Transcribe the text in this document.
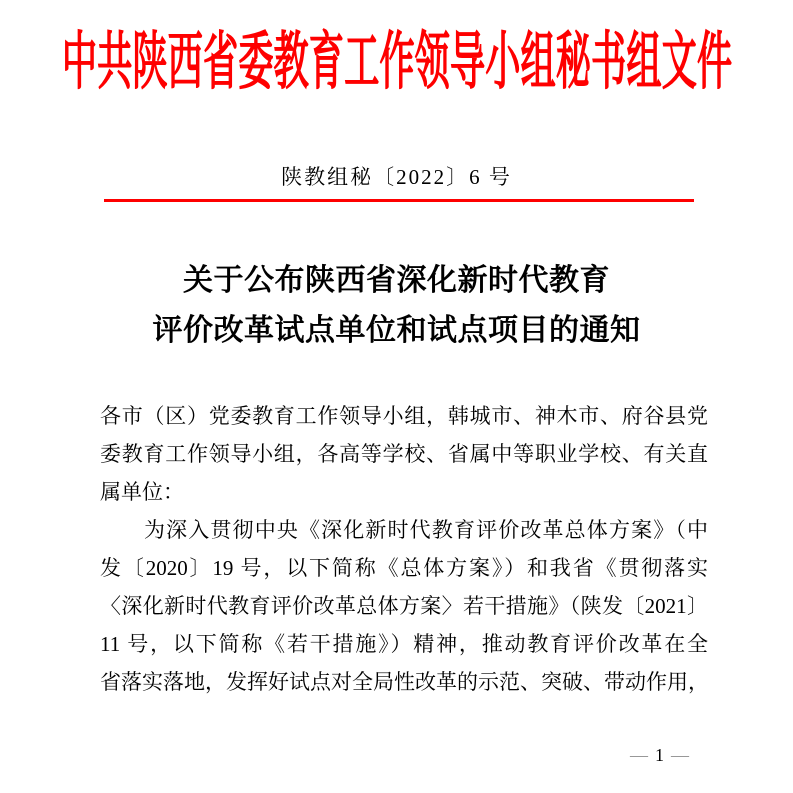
中共陕西省委教育工作领导小组秘书组文件
陕教组秘〔2022〕6 号
关于公布陕西省深化新时代教育
评价改革试点单位和试点项目的通知
各市（区）党委教育工作领导小组，韩城市、神木市、府谷县党
委教育工作领导小组，各高等学校、省属中等职业学校、有关直
属单位：
为深入贯彻中央《深化新时代教育评价改革总体方案》（中
发〔2020〕19 号，以下简称《总体方案》）和我省《贯彻落实
〈深化新时代教育评价改革总体方案〉若干措施》（陕发〔2021〕
11 号，以下简称《若干措施》）精神，推动教育评价改革在全
省落实落地，发挥好试点对全局性改革的示范、突破、带动作用，
— 1 —
